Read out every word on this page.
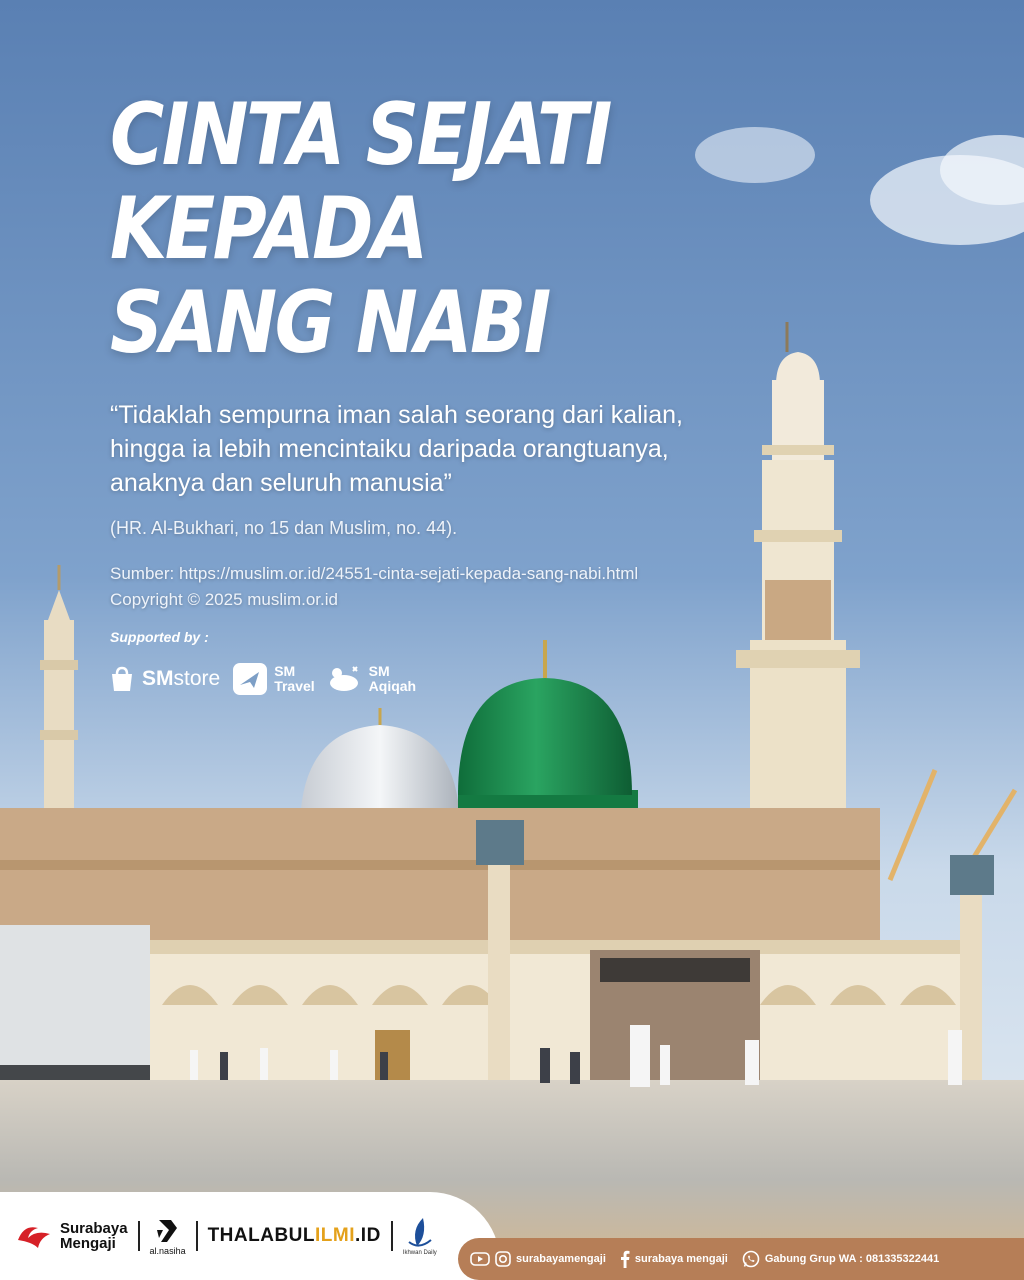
CINTA SEJATI
KEPADA
SANG NABI
“Tidaklah sempurna iman salah seorang dari kalian,
hingga ia lebih mencintaiku daripada orangtuanya,
anaknya dan seluruh manusia”
(HR. Al-Bukhari, no 15 dan Muslim, no. 44).
Sumber: https://muslim.or.id/24551-cinta-sejati-kepada-sang-nabi.html
Copyright © 2025 muslim.or.id
Supported by :
SMstore	SM
Travel
SM
Aqiqah
Surabaya
Mengaji	al.nasiha
THALABULILMI.ID
Ikhwan Daily	surabayamengaji	surabaya mengaji	Gabung Grup WA : 081335322441
